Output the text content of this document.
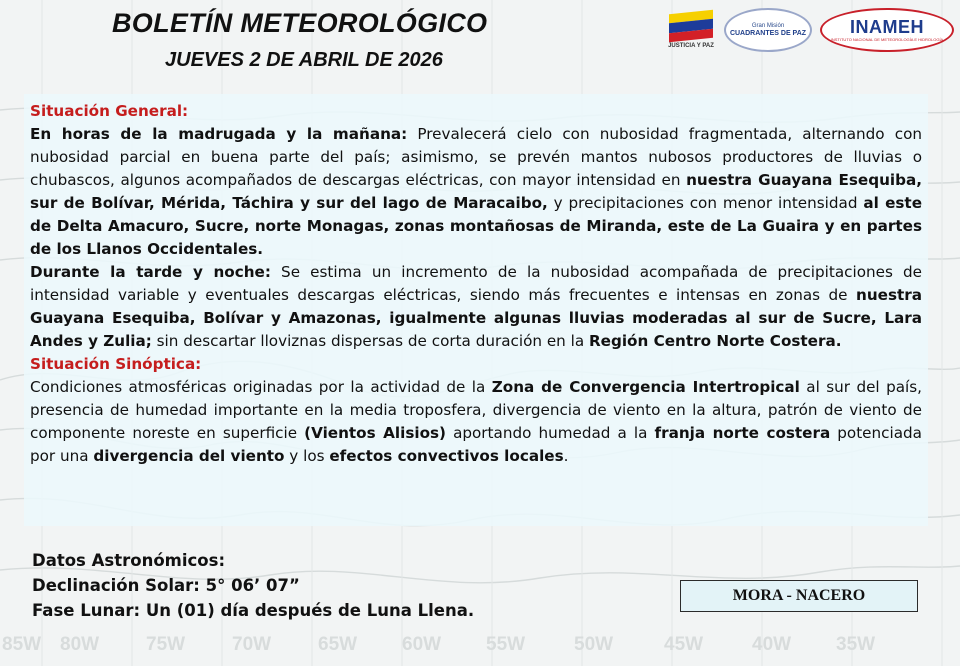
BOLETÍN METEOROLÓGICO
JUEVES 2 DE ABRIL DE 2026
JUSTICIA Y PAZ
Gran Misión
CUADRANTES DE PAZ INAMEH
INSTITUTO NACIONAL DE METEOROLOGÍA E HIDROLOGÍA

Situación General:

En horas de la madrugada y la mañana: Prevalecerá cielo con nubosidad fragmentada, alternando con nubosidad parcial en buena parte del país; asimismo, se prevén mantos nubosos productores de lluvias o chubascos, algunos acompañados de descargas eléctricas, con mayor intensidad en nuestra Guayana Esequiba, sur de Bolívar, Mérida, Táchira y sur del lago de Maracaibo, y precipitaciones con menor intensidad al este de Delta Amacuro, Sucre, norte Monagas, zonas montañosas de Miranda, este de La Guaira y en partes de los Llanos Occidentales.

Durante la tarde y noche: Se estima un incremento de la nubosidad acompañada de precipitaciones de intensidad variable y eventuales descargas eléctricas, siendo más frecuentes e intensas en zonas de nuestra Guayana Esequiba, Bolívar y Amazonas, igualmente algunas lluvias moderadas al sur de Sucre, Lara Andes y Zulia; sin descartar lloviznas dispersas de corta duración en la Región Centro Norte Costera.

Situación Sinóptica:

Condiciones atmosféricas originadas por la actividad de la Zona de Convergencia Intertropical al sur del país, presencia de humedad importante en la media troposfera, divergencia de viento en la altura, patrón de viento de componente noreste en superficie (Vientos Alisios) aportando humedad a la franja norte costera potenciada por una divergencia del viento y los efectos convectivos locales.

Datos Astronómicos:
Declinación Solar: 5° 06’ 07”
Fase Lunar: Un (01) día después de Luna Llena.
MORA - NACERO
85W 80W 75W 70W 65W 60W 55W	50W	45W	40W 35W
